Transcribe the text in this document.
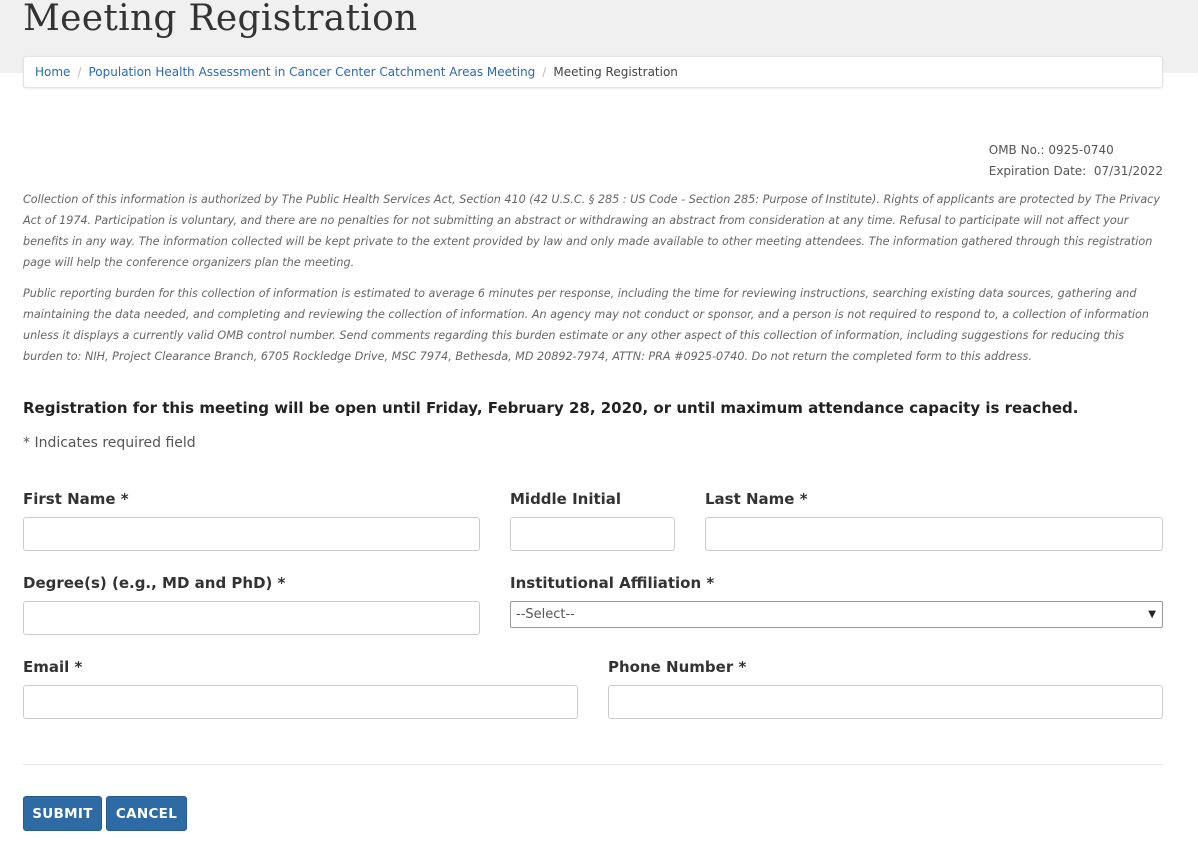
Meeting Registration
Home / Population Health Assessment in Cancer Center Catchment Areas Meeting / Meeting Registration
OMB No.: 0925-0740
Expiration Date:  07/31/2022

Collection of this information is authorized by The Public Health Services Act, Section 410 (42 U.S.C. § 285 : US Code - Section 285: Purpose of Institute). Rights of applicants are protected by The Privacy Act of 1974. Participation is voluntary, and there are no penalties for not submitting an abstract or withdrawing an abstract from consideration at any time. Refusal to participate will not affect your benefits in any way. The information collected will be kept private to the extent provided by law and only made available to other meeting attendees. The information gathered through this registration page will help the conference organizers plan the meeting.

Public reporting burden for this collection of information is estimated to average 6 minutes per response, including the time for reviewing instructions, searching existing data sources, gathering and maintaining the data needed, and completing and reviewing the collection of information. An agency may not conduct or sponsor, and a person is not required to respond to, a collection of information unless it displays a currently valid OMB control number. Send comments regarding this burden estimate or any other aspect of this collection of information, including suggestions for reducing this burden to: NIH, Project Clearance Branch, 6705 Rockledge Drive, MSC 7974, Bethesda, MD 20892-7974, ATTN: PRA #0925-0740. Do not return the completed form to this address.

Registration for this meeting will be open until Friday, February 28, 2020, or until maximum attendance capacity is reached.
* Indicates required field
First Name *	Middle Initial	Last Name *
Degree(s) (e.g., MD and PhD) *	Institutional Affiliation *
--Select--	▼
Email *	Phone Number *
SUBMIT	CANCEL
